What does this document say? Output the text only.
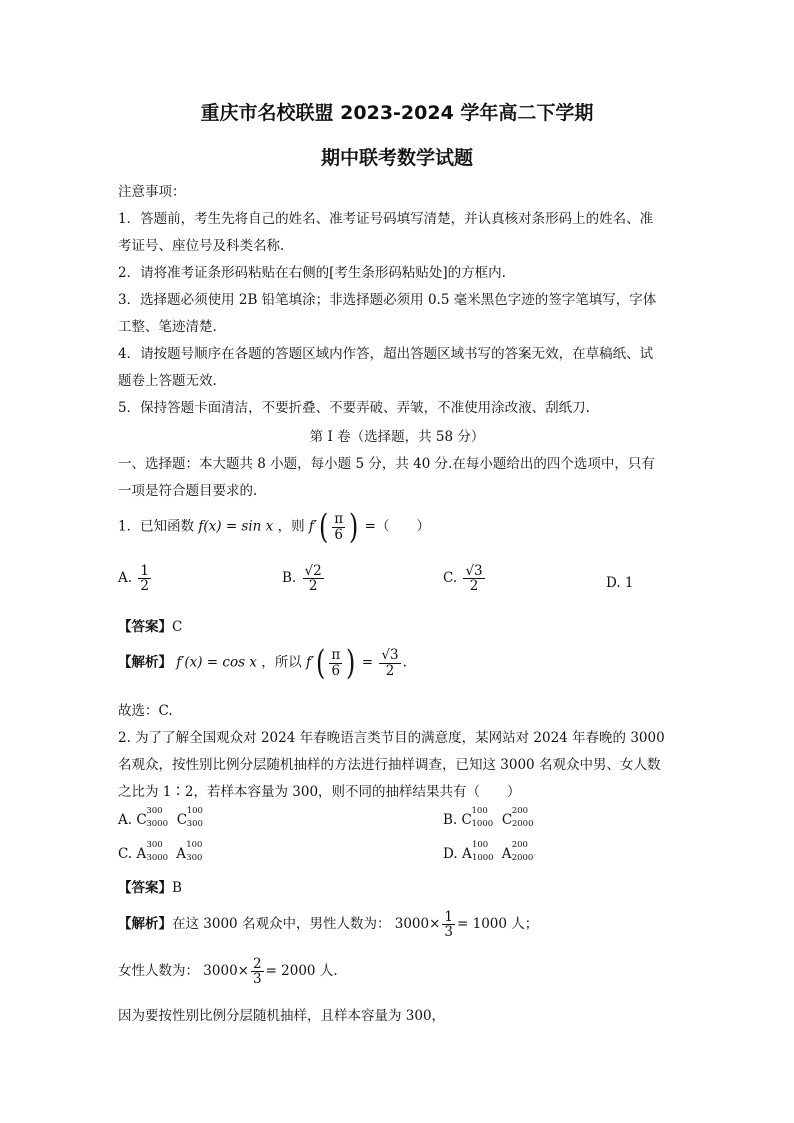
重庆市名校联盟 2023-2024 学年高二下学期
期中联考数学试题
注意事项：
1．答题前，考生先将自己的姓名、准考证号码填写清楚，并认真核对条形码上的姓名、准
考证号、座位号及科类名称.
2．请将准考证条形码粘贴在右侧的[考生条形码粘贴处]的方框内.
3．选择题必须使用 2B 铅笔填涂；非选择题必须用 0.5 毫米黑色字迹的签字笔填写，字体
工整、笔迹清楚.
4．请按题号顺序在各题的答题区域内作答，超出答题区域书写的答案无效，在草稿纸、试
题卷上答题无效.
5．保持答题卡面清洁，不要折叠、不要弄破、弄皱，不准使用涂改液、刮纸刀.
第 I 卷（选择题，共 58 分）
一、选择题：本大题共 8 小题，每小题 5 分，共 40 分.在每小题给出的四个选项中，只有
一项是符合题目要求的.
1．已知函数 f(x) = sin x ，则 $f'( \frac{\pi}{6}$ ) =（　　）
A. $\frac{1}{2}$	B. $\frac{√2}{2}$	C. $\frac{√3}{2}$	D. 1
【答案】C
【解析】 f′(x) = cos x ，所以 $f'( \frac{\pi}{6}$ ) = $\frac{√3}{2}$ .
故选：C.
2. 为了了解全国观众对 2024 年春晚语言类节目的满意度，某网站对 2024 年春晚的 3000
名观众，按性别比例分层随机抽样的方法进行抽样调查，已知这 3000 名观众中男、女人数
之比为 1∶2，若样本容量为 300，则不同的抽样结果共有（　　）
A. C
300
3000 C
100
300	B. C
100
1000 C
200
2000
C. A
300
3000 A
100
300	D. A
100
1000 A
200
2000
【答案】B
【解析】在这 3000 名观众中，男性人数为： $3000\times \frac{1}{3} = 1000$ 人；
女性人数为： $3000\times \frac{2}{3} = 2000$ 人.
因为要按性别比例分层随机抽样，且样本容量为 300，
